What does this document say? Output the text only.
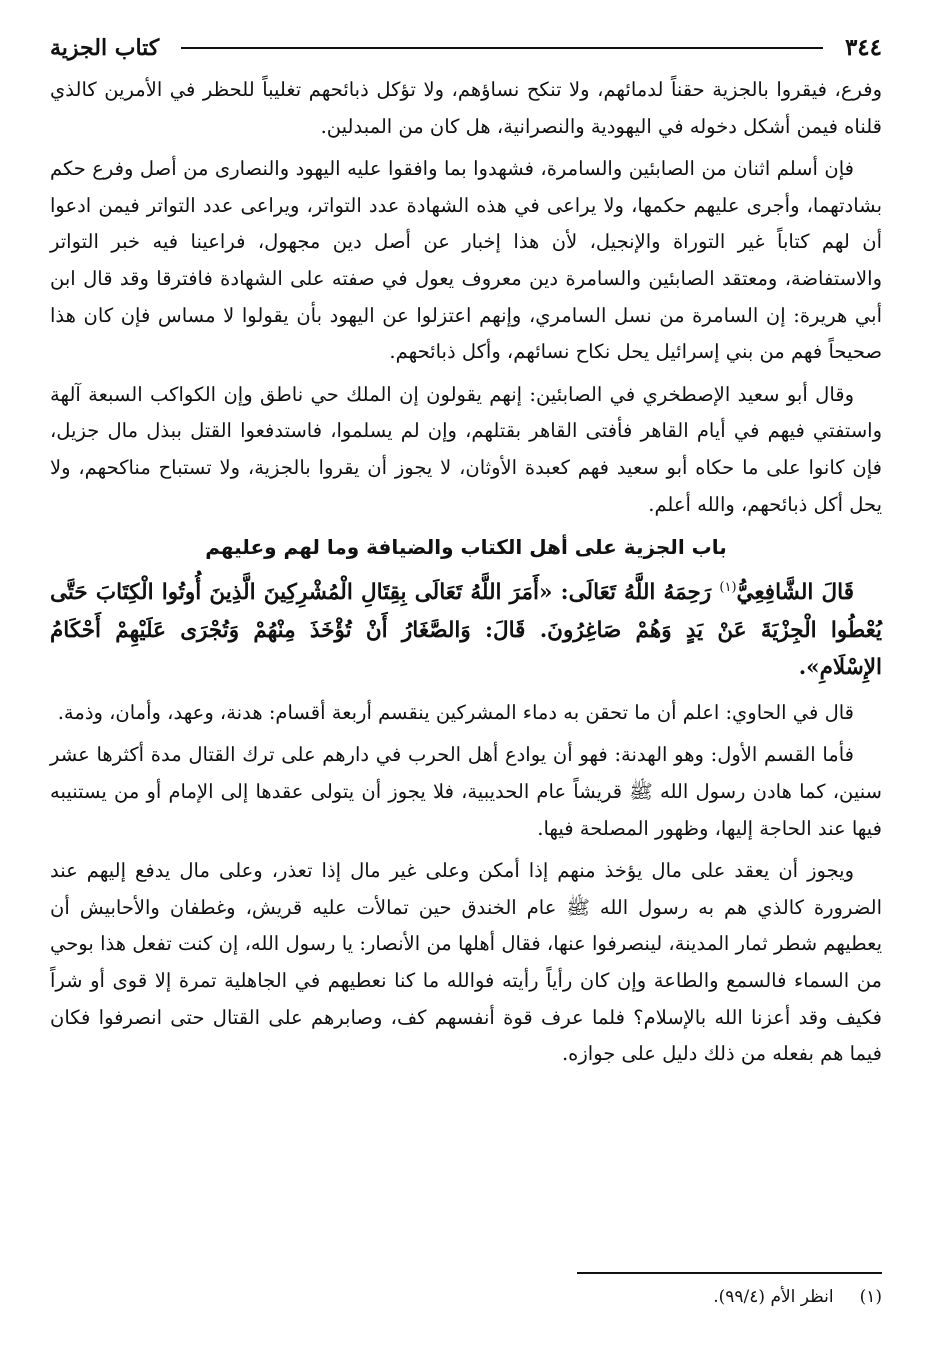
٣٤٤
كتاب الجزية

وفرع، فيقروا بالجزية حقناً لدمائهم، ولا تنكح نساؤهم، ولا تؤكل ذبائحهم تغليباً للحظر في الأمرين كالذي قلناه فيمن أشكل دخوله في اليهودية والنصرانية، هل كان من المبدلين.

فإن أسلم اثنان من الصابئين والسامرة، فشهدوا بما وافقوا عليه اليهود والنصارى من أصل وفرع حكم بشادتهما، وأجرى عليهم حكمها، ولا يراعى في هذه الشهادة عدد التواتر، ويراعى عدد التواتر فيمن ادعوا أن لهم كتاباً غير التوراة والإنجيل، لأن هذا إخبار عن أصل دين مجهول، فراعينا فيه خبر التواتر والاستفاضة، ومعتقد الصابئين والسامرة دين معروف يعول في صفته على الشهادة فافترقا وقد قال ابن أبي هريرة: إن السامرة من نسل السامري، وإنهم اعتزلوا عن اليهود بأن يقولوا لا مساس فإن كان هذا صحيحاً فهم من بني إسرائيل يحل نكاح نسائهم، وأكل ذبائحهم.

وقال أبو سعيد الإصطخري في الصابئين: إنهم يقولون إن الملك حي ناطق وإن الكواكب السبعة آلهة واستفتي فيهم في أيام القاهر فأفتى القاهر بقتلهم، وإن لم يسلموا، فاستدفعوا القتل ببذل مال جزيل، فإن كانوا على ما حكاه أبو سعيد فهم كعبدة الأوثان، لا يجوز أن يقروا بالجزية، ولا تستباح مناكحهم، ولا يحل أكل ذبائحهم، والله أعلم.

باب الجزية على أهل الكتاب والضيافة وما لهم وعليهم

قَالَ الشَّافِعِيُّ$^{(١)}$ رَحِمَهُ اللَّهُ تَعَالَى: «أَمَرَ اللَّهُ تَعَالَى بِقِتَالِ الْمُشْرِكِينَ الَّذِينَ أُوتُوا الْكِتَابَ حَتَّى يُعْطُوا الْجِزْيَةَ عَنْ يَدٍ وَهُمْ صَاغِرُونَ. قَالَ: وَالصَّغَارُ أَنْ تُؤْخَذَ مِنْهُمْ وَتُجْرَى عَلَيْهِمْ أَحْكَامُ الإِسْلَامِ».

قال في الحاوي: اعلم أن ما تحقن به دماء المشركين ينقسم أربعة أقسام: هدنة، وعهد، وأمان، وذمة.

فأما القسم الأول: وهو الهدنة: فهو أن يوادع أهل الحرب في دارهم على ترك القتال مدة أكثرها عشر سنين، كما هادن رسول الله ﷺ قريشاً عام الحديبية، فلا يجوز أن يتولى عقدها إلى الإمام أو من يستنيبه فيها عند الحاجة إليها، وظهور المصلحة فيها.

ويجوز أن يعقد على مال يؤخذ منهم إذا أمكن وعلى غير مال إذا تعذر، وعلى مال يدفع إليهم عند الضرورة كالذي هم به رسول الله ﷺ عام الخندق حين تمالأت عليه قريش، وغطفان والأحابيش أن يعطيهم شطر ثمار المدينة، لينصرفوا عنها، فقال أهلها من الأنصار: يا رسول الله، إن كنت تفعل هذا بوحي من السماء فالسمع والطاعة وإن كان رأياً رأيته فوالله ما كنا نعطيهم في الجاهلية تمرة إلا قوى أو شراً فكيف وقد أعزنا الله بالإسلام؟ فلما عرف قوة أنفسهم كف، وصابرهم على القتال حتى انصرفوا فكان فيما هم بفعله من ذلك دليل على جوازه.

(١)
انظر الأم (٩٩/٤).
